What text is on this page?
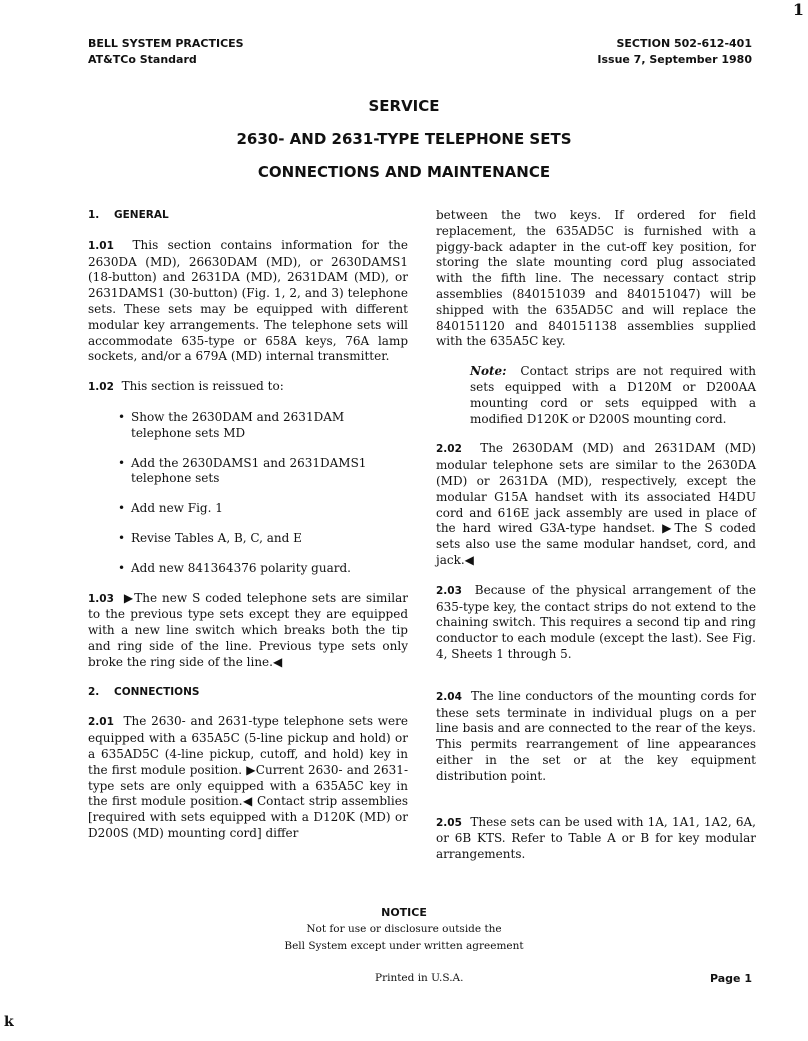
BELL SYSTEM PRACTICES
AT&TCo Standard
SECTION 502-612-401
Issue 7, September 1980
1
SERVICE
2630- AND 2631-TYPE TELEPHONE SETS
CONNECTIONS AND MAINTENANCE
1. GENERAL

1.01 This section contains information for the 2630DA (MD), 26630DAM (MD), or 2630DAMS1 (18-button) and 2631DA (MD), 2631DAM (MD), or 2631DAMS1 (30-button) (Fig. 1, 2, and 3) telephone sets. These sets may be equipped with different modular key arrangements. The telephone sets will accommodate 635-type or 658A keys, 76A lamp sockets, and/or a 679A (MD) internal transmitter.

1.02 This section is reissued to:

• Show the 2630DAM and 2631DAM telephone sets MD
• Add the 2630DAMS1 and 2631DAMS1 telephone sets
• Add new Fig. 1
• Revise Tables A, B, C, and E
• Add new 841364376 polarity guard.

1.03 ▶The new S coded telephone sets are similar to the previous type sets except they are equipped with a new line switch which breaks both the tip and ring side of the line. Previous type sets only broke the ring side of the line.◀

2. CONNECTIONS

2.01 The 2630- and 2631-type telephone sets were equipped with a 635A5C (5-line pickup and hold) or a 635AD5C (4-line pickup, cutoff, and hold) key in the first module position. ▶Current 2630- and 2631-type sets are only equipped with a 635A5C key in the first module position.◀ Contact strip assemblies [required with sets equipped with a D120K (MD) or D200S (MD) mounting cord] differ

between the two keys. If ordered for field replacement, the 635AD5C is furnished with a piggy-back adapter in the cut-off key position, for storing the slate mounting cord plug associated with the fifth line. The necessary contact strip assemblies (840151039 and 840151047) will be shipped with the 635AD5C and will replace the 840151120 and 840151138 assemblies supplied with the 635A5C key.

Note: Contact strips are not required with sets equipped with a D120M or D200AA mounting cord or sets equipped with a modified D120K or D200S mounting cord.

2.02 The 2630DAM (MD) and 2631DAM (MD) modular telephone sets are similar to the 2630DA (MD) or 2631DA (MD), respectively, except the modular G15A handset with its associated H4DU cord and 616E jack assembly are used in place of the hard wired G3A-type handset. ▶The S coded sets also use the same modular handset, cord, and jack.◀

2.03 Because of the physical arrangement of the 635-type key, the contact strips do not extend to the chaining switch. This requires a second tip and ring conductor to each module (except the last). See Fig. 4, Sheets 1 through 5.

2.04 The line conductors of the mounting cords for these sets terminate in individual plugs on a per line basis and are connected to the rear of the keys. This permits rearrangement of line appearances either in the set or at the key equipment distribution point.

2.05 These sets can be used with 1A, 1A1, 1A2, 6A, or 6B KTS. Refer to Table A or B for key modular arrangements.

NOTICE
Not for use or disclosure outside the
Bell System except under written agreement
Printed in U.S.A.	Page 1
k
